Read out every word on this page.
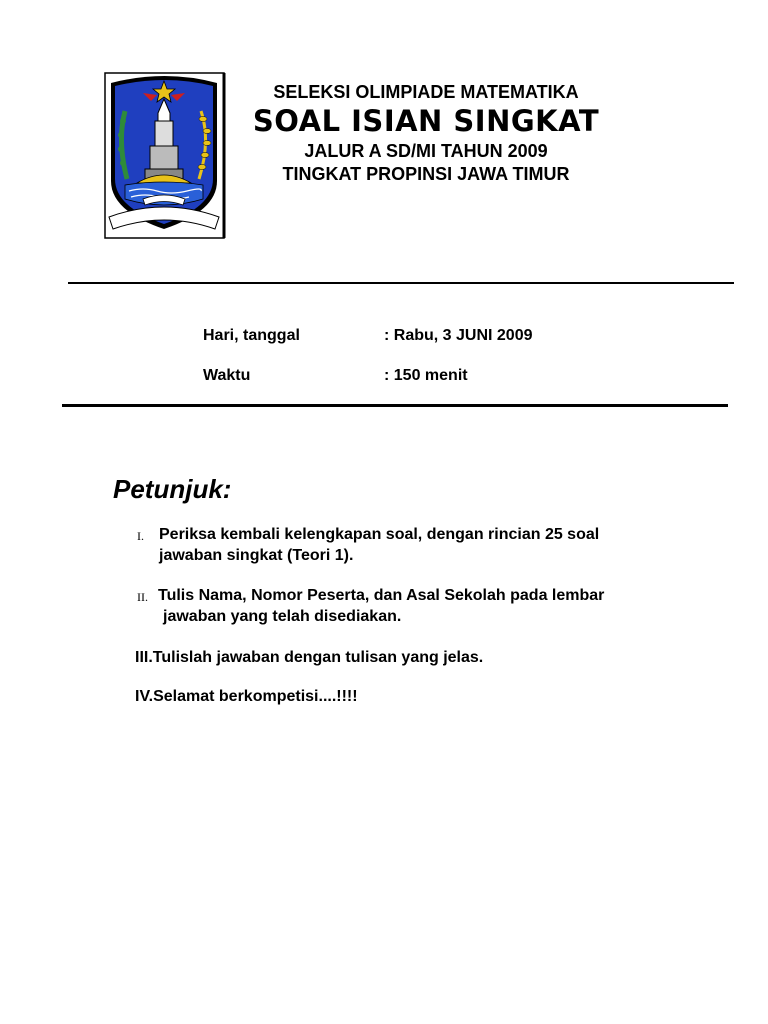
SELEKSI OLIMPIADE MATEMATIKA
SOAL ISIAN SINGKAT
JALUR A SD/MI TAHUN 2009
TINGKAT PROPINSI JAWA TIMUR
Hari, tanggal	: Rabu, 3 JUNI 2009
Waktu	: 150 menit
Petunjuk:
I. Periksa kembali kelengkapan soal, dengan rincian 25 soal
jawaban singkat (Teori 1).
II. Tulis Nama, Nomor Peserta, dan Asal Sekolah pada lembar
jawaban yang telah disediakan.
III.Tulislah jawaban dengan tulisan yang jelas.
IV.Selamat berkompetisi....!!!!
